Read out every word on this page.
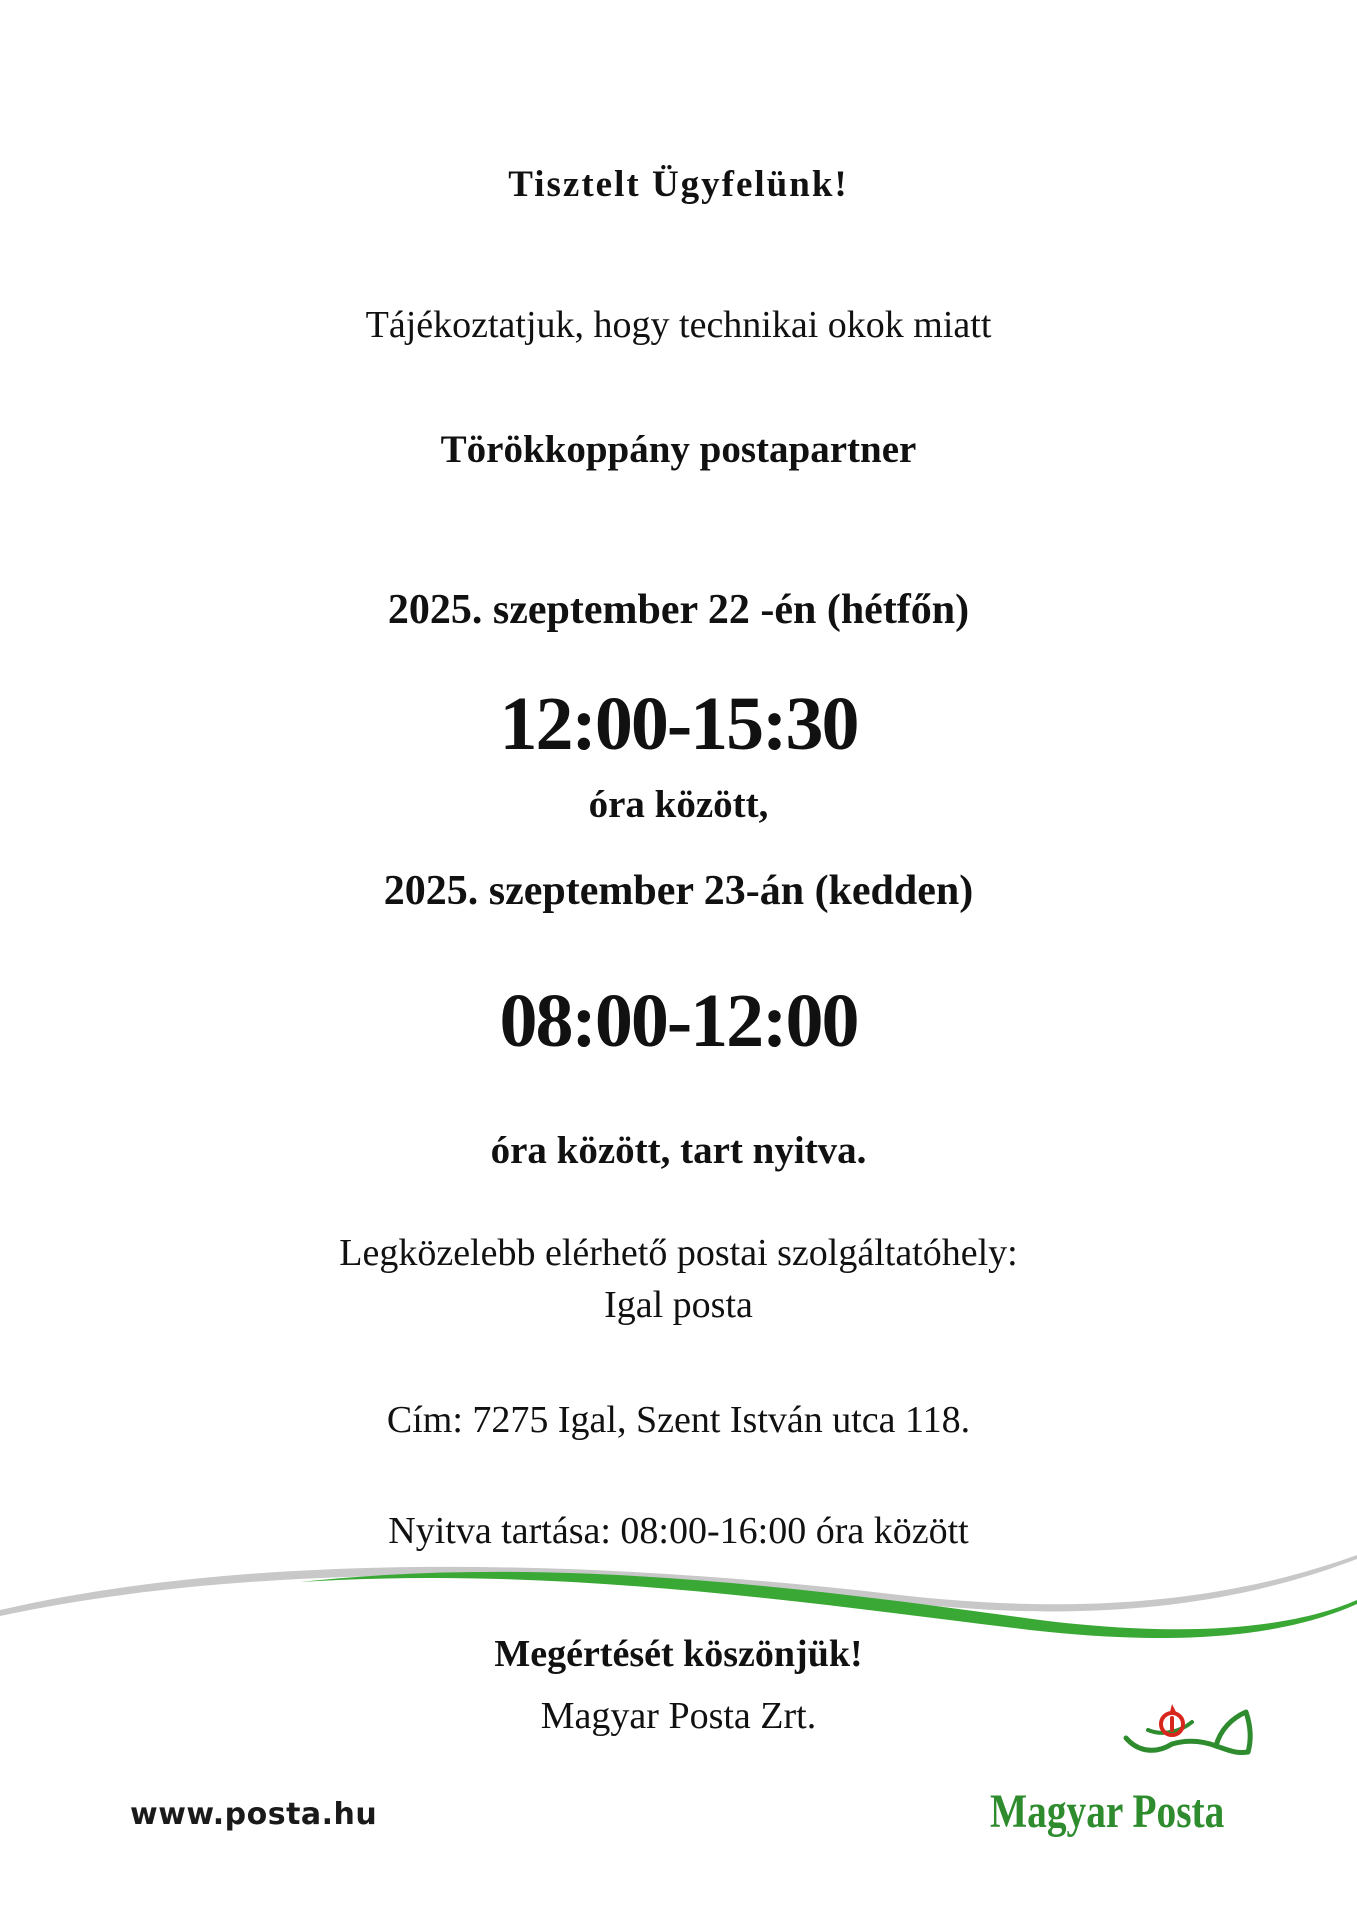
Tisztelt Ügyfelünk!
Tájékoztatjuk, hogy technikai okok miatt
Törökkoppány postapartner
2025. szeptember 22 -én (hétfőn)
12:00-15:30
óra között,
2025. szeptember 23-án (kedden)
08:00-12:00
óra között, tart nyitva.
Legközelebb elérhető postai szolgáltatóhely:
Igal posta
Cím: 7275 Igal, Szent István utca 118.
Nyitva tartása: 08:00-16:00 óra között
Megértését köszönjük!
Magyar Posta Zrt.
www.posta.hu	Magyar Posta
